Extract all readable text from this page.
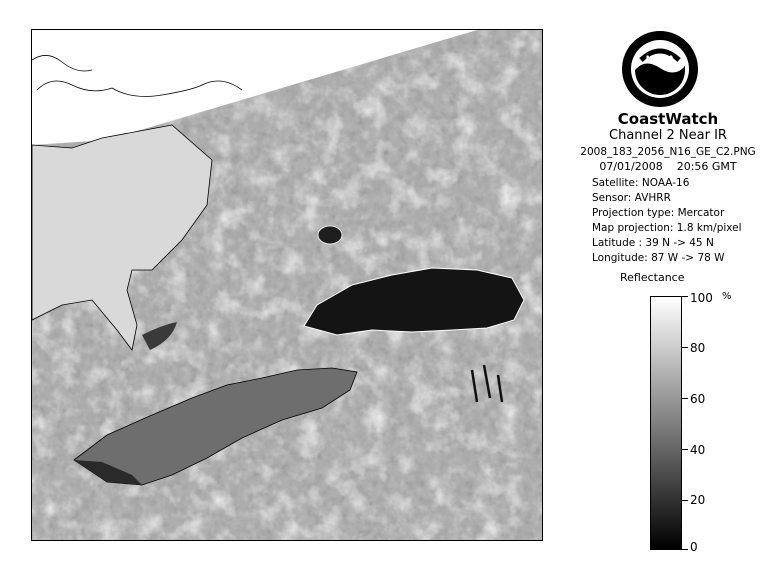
NOAA
CoastWatch
Channel 2 Near IR
2008_183_2056_N16_GE_C2.PNG
07/01/2008    20:56 GMT
Satellite: NOAA-16
Sensor: AVHRR
Projection type: Mercator
Map projection: 1.8 km/pixel
Latitude : 39 N -> 45 N
Longitude: 87 W -> 78 W
Reflectance
%
100
80
60
40
20
0
